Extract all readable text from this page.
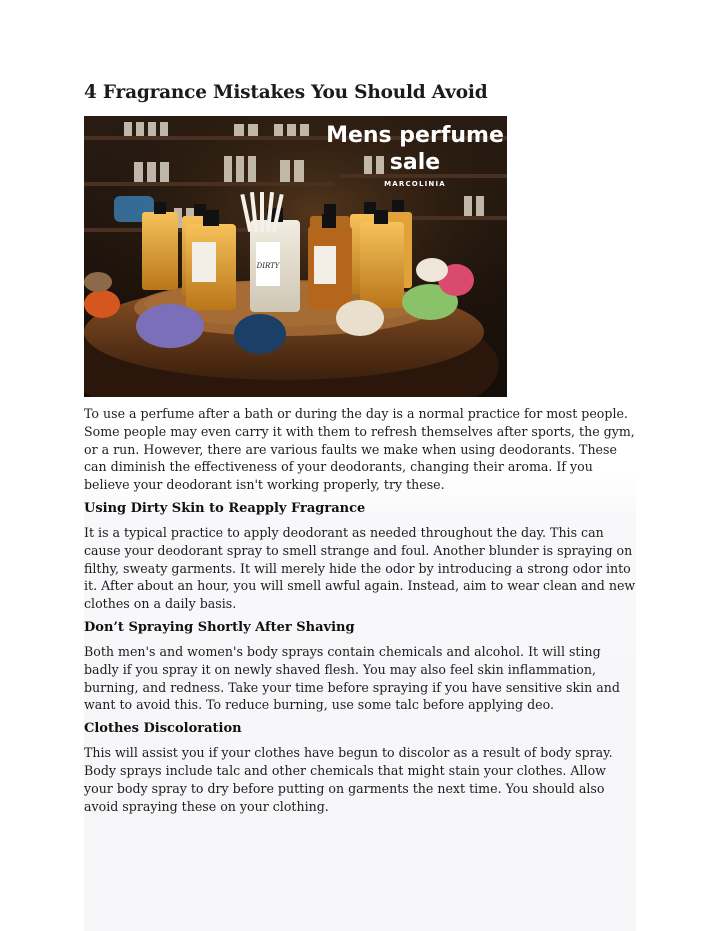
4 Fragrance Mistakes You Should Avoid
DIRTY
Mens perfume
sale
MARCOLINIA

To use a perfume after a bath or during the day is a normal practice for most people. Some people may even carry it with them to refresh themselves after sports, the gym, or a run. However, there are various faults we make when using deodorants. These can diminish the effectiveness of your deodorants, changing their aroma. If you believe your deodorant isn't working properly, try these.

Using Dirty Skin to Reapply Fragrance

It is a typical practice to apply deodorant as needed throughout the day. This can cause your deodorant spray to smell strange and foul. Another blunder is spraying on filthy, sweaty garments. It will merely hide the odor by introducing a strong odor into it. After about an hour, you will smell awful again. Instead, aim to wear clean and new clothes on a daily basis.

Don’t Spraying Shortly After Shaving

Both men's and women's body sprays contain chemicals and alcohol. It will sting badly if you spray it on newly shaved flesh. You may also feel skin inflammation, burning, and redness. Take your time before spraying if you have sensitive skin and want to avoid this. To reduce burning, use some talc before applying deo.

Clothes Discoloration

This will assist you if your clothes have begun to discolor as a result of body spray. Body sprays include talc and other chemicals that might stain your clothes. Allow your body spray to dry before putting on garments the next time. You should also avoid spraying these on your clothing.
